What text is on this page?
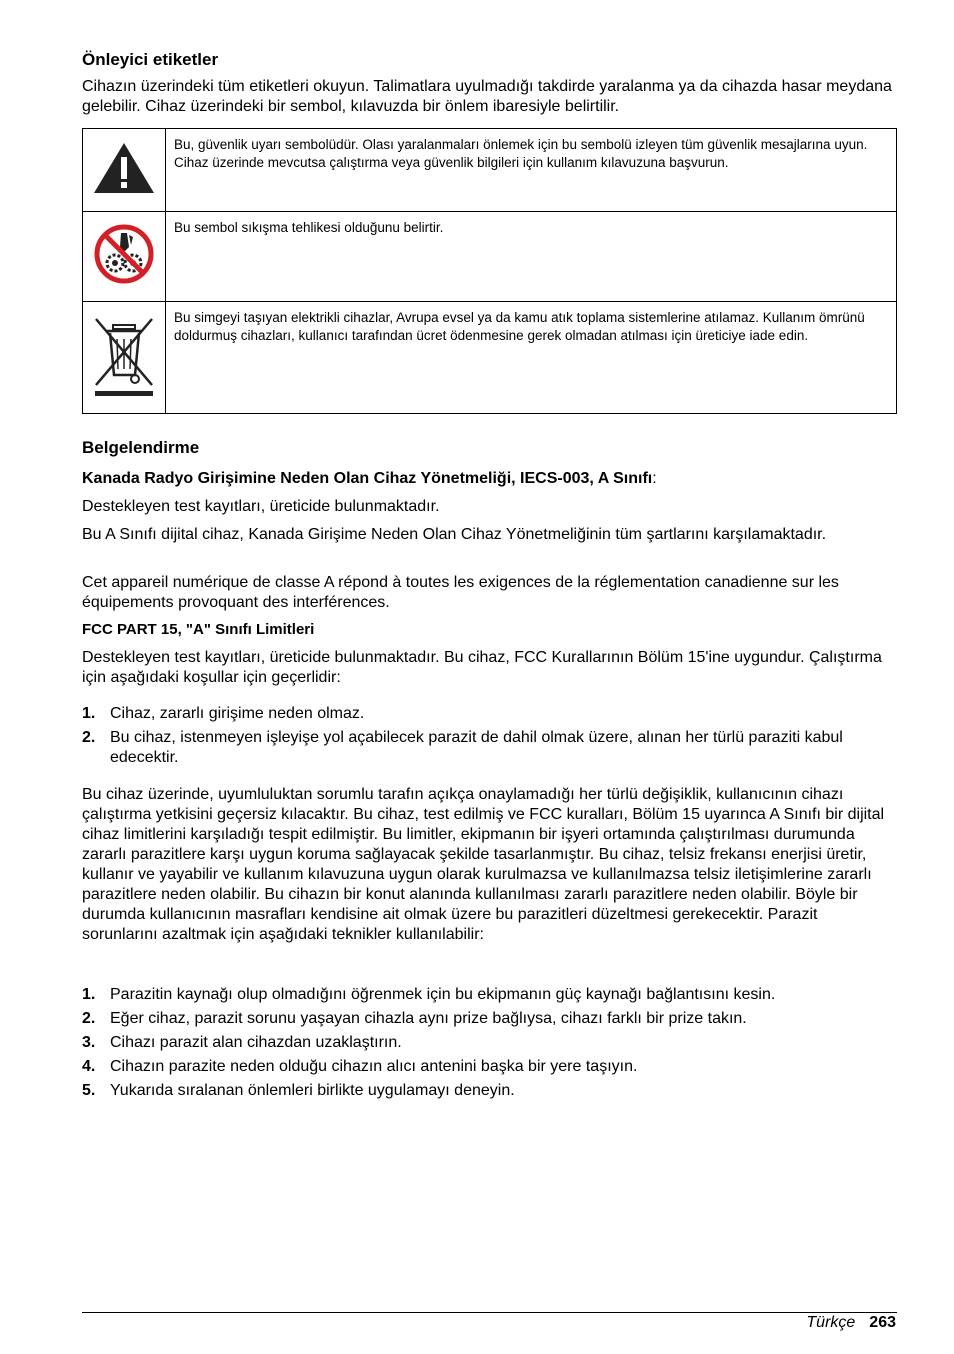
Önleyici etiketler

Cihazın üzerindeki tüm etiketleri okuyun. Talimatlara uyulmadığı takdirde yaralanma ya da cihazda hasar meydana gelebilir. Cihaz üzerindeki bir sembol, kılavuzda bir önlem ibaresiyle belirtilir.

	Bu, güvenlik uyarı sembolüdür. Olası yaralanmaları önlemek için bu sembolü izleyen tüm güvenlik mesajlarına uyun. Cihaz üzerinde mevcutsa çalıştırma veya güvenlik bilgileri için kullanım kılavuzuna başvurun.
	Bu sembol sıkışma tehlikesi olduğunu belirtir.
	Bu simgeyi taşıyan elektrikli cihazlar, Avrupa evsel ya da kamu atık toplama sistemlerine atılamaz. Kullanım ömrünü doldurmuş cihazları, kullanıcı tarafından ücret ödenmesine gerek olmadan atılması için üreticiye iade edin.
Belgelendirme

Kanada Radyo Girişimine Neden Olan Cihaz Yönetmeliği, IECS-003, A Sınıfı:

Destekleyen test kayıtları, üreticide bulunmaktadır.

Bu A Sınıfı dijital cihaz, Kanada Girişime Neden Olan Cihaz Yönetmeliğinin tüm şartlarını karşılamaktadır.

Cet appareil numérique de classe A répond à toutes les exigences de la réglementation canadienne sur les équipements provoquant des interférences.

FCC PART 15, "A" Sınıfı Limitleri

Destekleyen test kayıtları, üreticide bulunmaktadır. Bu cihaz, FCC Kurallarının Bölüm 15'ine uygundur. Çalıştırma için aşağıdaki koşullar için geçerlidir:

1. Cihaz, zararlı girişime neden olmaz.
2. Bu cihaz, istenmeyen işleyişe yol açabilecek parazit de dahil olmak üzere, alınan her türlü paraziti kabul edecektir.

Bu cihaz üzerinde, uyumluluktan sorumlu tarafın açıkça onaylamadığı her türlü değişiklik, kullanıcının cihazı çalıştırma yetkisini geçersiz kılacaktır. Bu cihaz, test edilmiş ve FCC kuralları, Bölüm 15 uyarınca A Sınıfı bir dijital cihaz limitlerini karşıladığı tespit edilmiştir. Bu limitler, ekipmanın bir işyeri ortamında çalıştırılması durumunda zararlı parazitlere karşı uygun koruma sağlayacak şekilde tasarlanmıştır. Bu cihaz, telsiz frekansı enerjisi üretir, kullanır ve yayabilir ve kullanım kılavuzuna uygun olarak kurulmazsa ve kullanılmazsa telsiz iletişimlerine zararlı parazitlere neden olabilir. Bu cihazın bir konut alanında kullanılması zararlı parazitlere neden olabilir. Böyle bir durumda kullanıcının masrafları kendisine ait olmak üzere bu parazitleri düzeltmesi gerekecektir. Parazit sorunlarını azaltmak için aşağıdaki teknikler kullanılabilir:

1. Parazitin kaynağı olup olmadığını öğrenmek için bu ekipmanın güç kaynağı bağlantısını kesin.
2. Eğer cihaz, parazit sorunu yaşayan cihazla aynı prize bağlıysa, cihazı farklı bir prize takın.
3. Cihazı parazit alan cihazdan uzaklaştırın.
4. Cihazın parazite neden olduğu cihazın alıcı antenini başka bir yere taşıyın.
5. Yukarıda sıralanan önlemleri birlikte uygulamayı deneyin.
Türkçe 263
